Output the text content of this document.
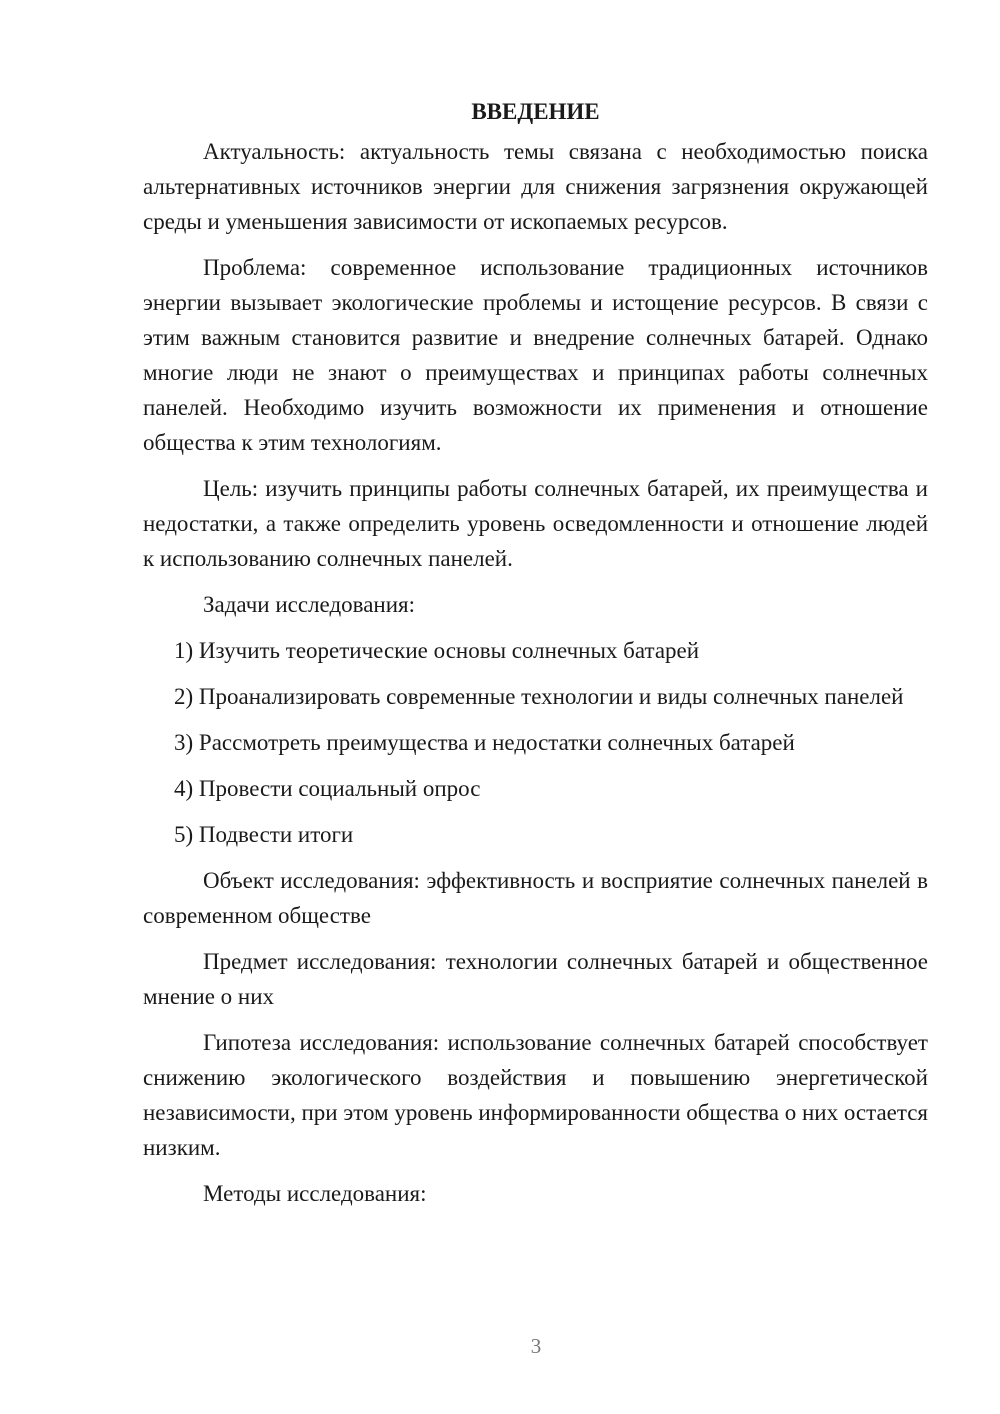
ВВЕДЕНИЕ

Актуальность: актуальность темы связана с необходимостью поиска альтернативных источников энергии для снижения загрязнения окружающей среды и уменьшения зависимости от ископаемых ресурсов.

Проблема: современное использование традиционных источников энергии вызывает экологические проблемы и истощение ресурсов. В связи с этим важным становится развитие и внедрение солнечных батарей. Однако многие люди не знают о преимуществах и принципах работы солнечных панелей. Необходимо изучить возможности их применения и отношение общества к этим технологиям.

Цель: изучить принципы работы солнечных батарей, их преимущества и недостатки, а также определить уровень осведомленности и отношение людей к использованию солнечных панелей.

Задачи исследования:

1) Изучить теоретические основы солнечных батарей

2) Проанализировать современные технологии и виды солнечных панелей

3) Рассмотреть преимущества и недостатки солнечных батарей

4) Провести социальный опрос

5) Подвести итоги

Объект исследования: эффективность и восприятие солнечных панелей в современном обществе

Предмет исследования: технологии солнечных батарей и общественное мнение о них

Гипотеза исследования: использование солнечных батарей способствует снижению экологического воздействия и повышению энергетической независимости, при этом уровень информированности общества о них остается низким.

Методы исследования:

3
